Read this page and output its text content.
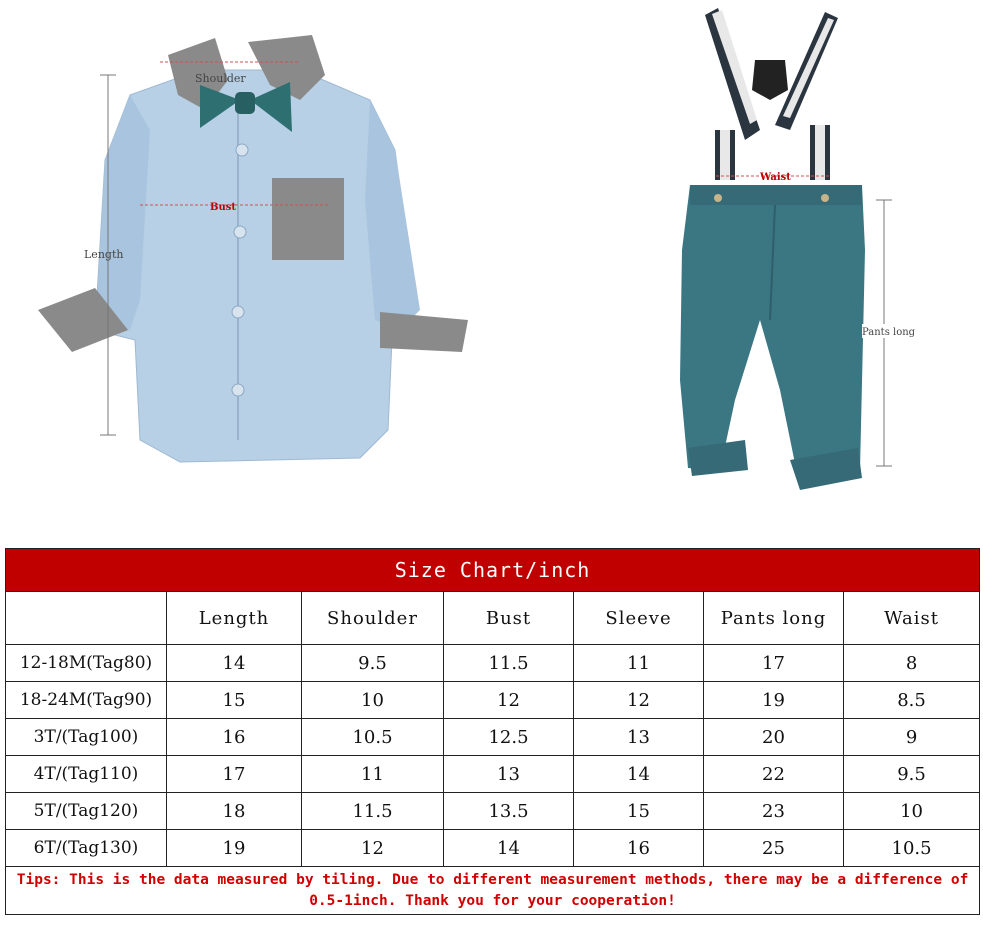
Shoulder
Bust
Length
Waist
Pants long
Size Chart/inch						
	Length	Shoulder	Bust	Sleeve	Pants long	Waist
12-18M(Tag80)	14	9.5	11.5	11	17	8
18-24M(Tag90)	15	10	12	12	19	8.5
3T/(Tag100)	16	10.5	12.5	13	20	9
4T/(Tag110)	17	11	13	14	22	9.5
5T/(Tag120)	18	11.5	13.5	15	23	10
6T/(Tag130)	19	12	14	16	25	10.5
Tips: This is the data measured by tiling. Due to different measurement methods, there may be a difference of 0.5-1inch. Thank you for your cooperation!						
